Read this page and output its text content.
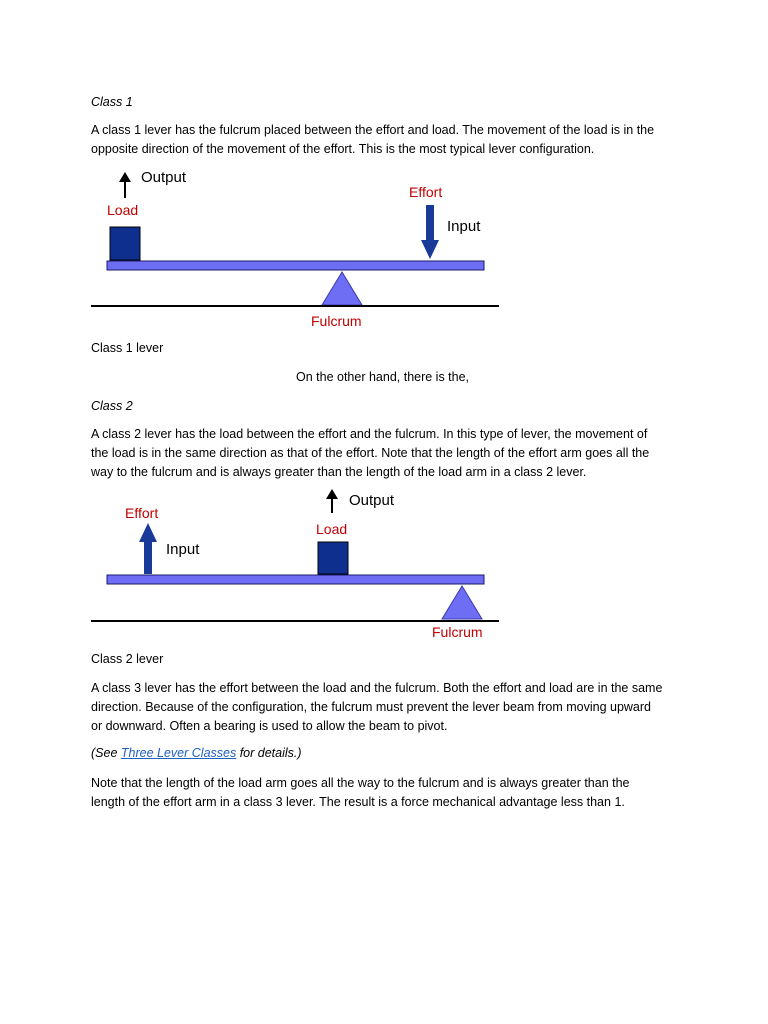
Class 1
A class 1 lever has the fulcrum placed between the effort and load. The movement of the load is in the
opposite direction of the movement of the effort. This is the most typical lever configuration.
Output
Load
Effort
Input
Fulcrum
Class 1 lever
On the other hand, there is the,
Class 2
A class 2 lever has the load between the effort and the fulcrum. In this type of lever, the movement of
the load is in the same direction as that of the effort. Note that the length of the effort arm goes all the
way to the fulcrum and is always greater than the length of the load arm in a class 2 lever.
Effort
Input
Output
Load
Fulcrum
Class 2 lever
A class 3 lever has the effort between the load and the fulcrum. Both the effort and load are in the same
direction. Because of the configuration, the fulcrum must prevent the lever beam from moving upward
or downward. Often a bearing is used to allow the beam to pivot.
(See Three Lever Classes for details.)
Note that the length of the load arm goes all the way to the fulcrum and is always greater than the
length of the effort arm in a class 3 lever. The result is a force mechanical advantage less than 1.
